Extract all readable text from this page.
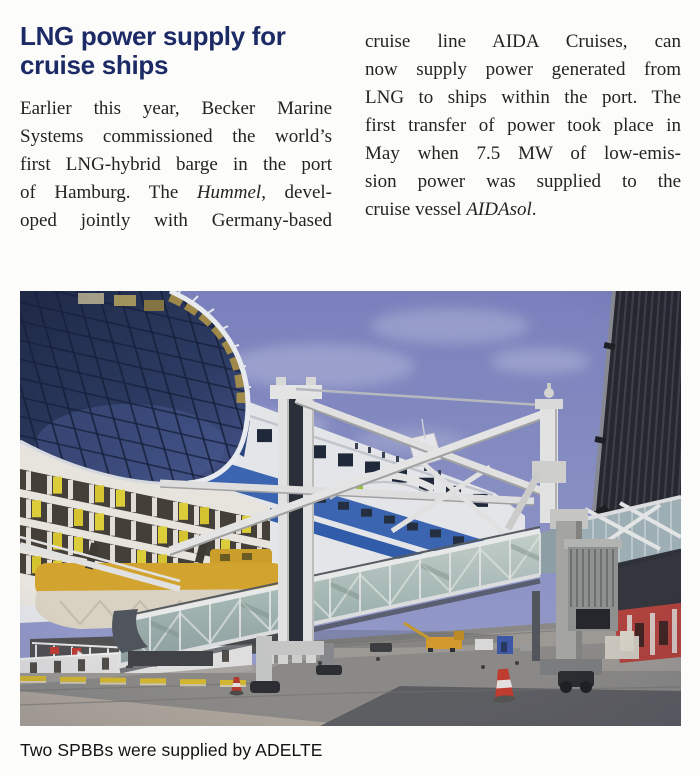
LNG power supply for
cruise ships
Earlier this year, Becker Marine
Systems commissioned the world’s
first LNG-hybrid barge in the port
of Hamburg. The Hummel, devel-
oped jointly with Germany-based
cruise line AIDA Cruises, can
now supply power generated from
LNG to ships within the port. The
first transfer of power took place in
May when 7.5 MW of low-emis-
sion power was supplied to the
cruise vessel AIDAsol.
Two SPBBs were supplied by ADELTE
